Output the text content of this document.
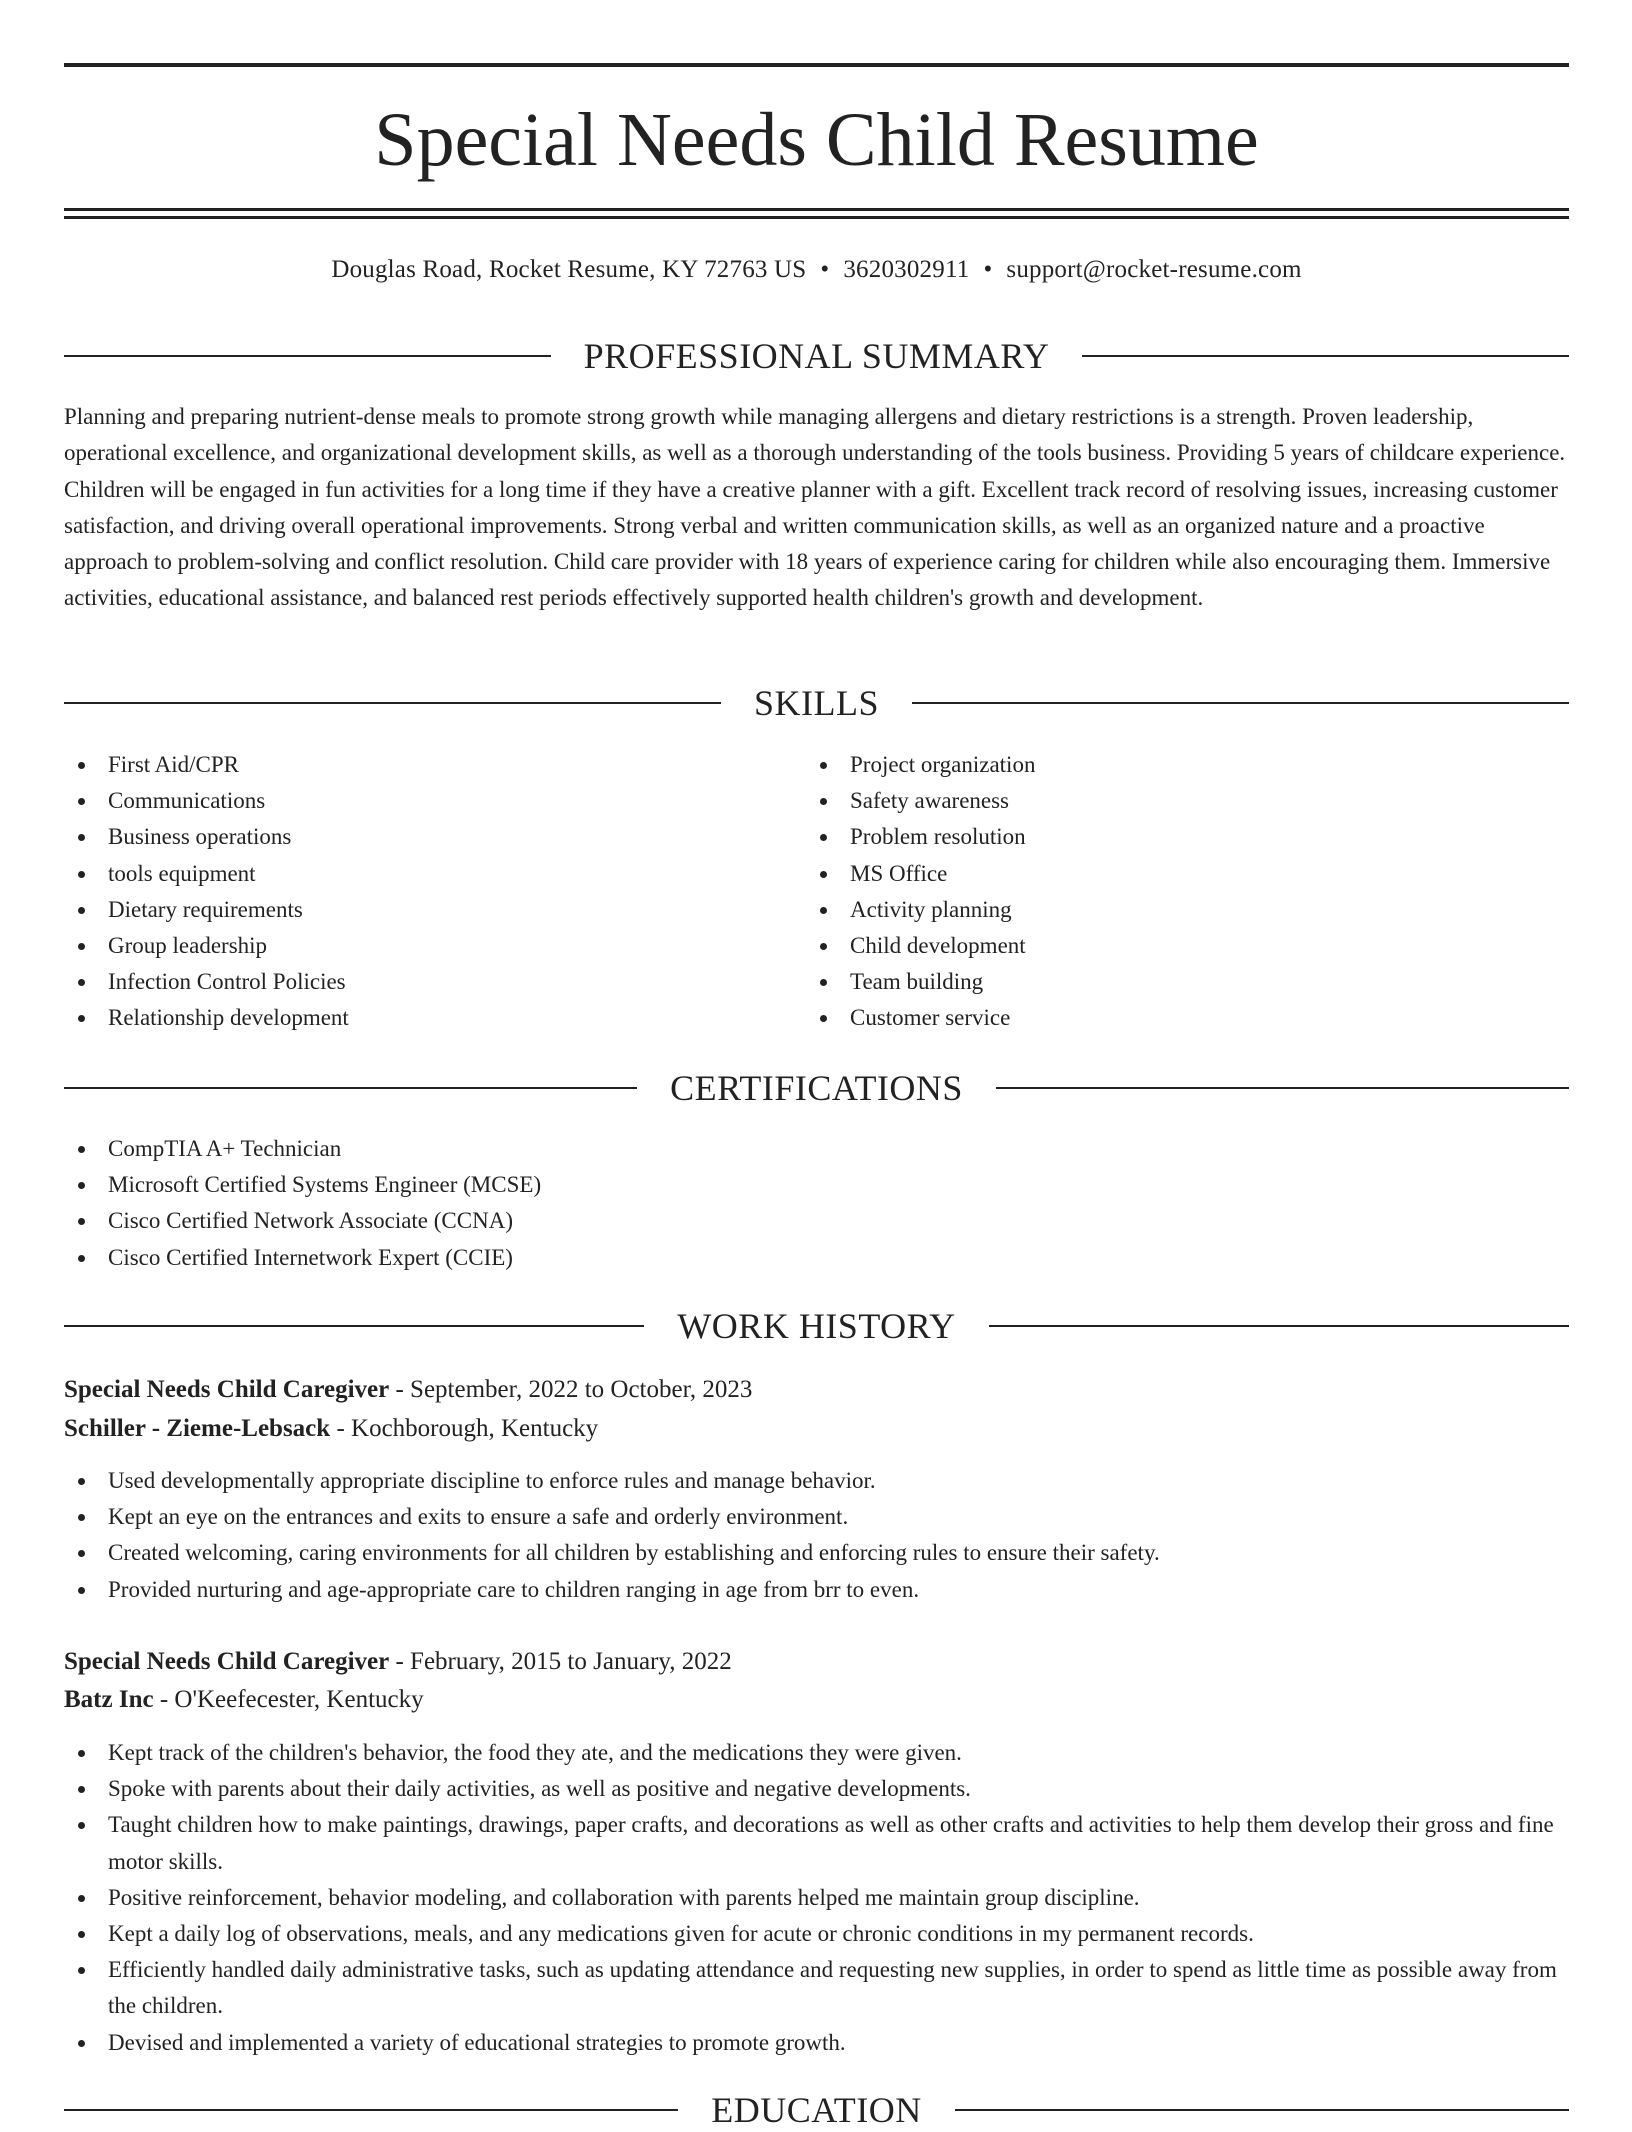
Special Needs Child Resume
Douglas Road, Rocket Resume, KY 72763 US • 3620302911 • support@rocket-resume.com
PROFESSIONAL SUMMARY

Planning and preparing nutrient-dense meals to promote strong growth while managing allergens and dietary restrictions is a strength. Proven leadership, operational excellence, and organizational development skills, as well as a thorough understanding of the tools business. Providing 5 years of childcare experience. Children will be engaged in fun activities for a long time if they have a creative planner with a gift. Excellent track record of resolving issues, increasing customer satisfaction, and driving overall operational improvements. Strong verbal and written communication skills, as well as an organized nature and a proactive approach to problem-solving and conflict resolution. Child care provider with 18 years of experience caring for children while also encouraging them. Immersive activities, educational assistance, and balanced rest periods effectively supported health children's growth and development.

SKILLS
First Aid/CPR
Communications
Business operations
tools equipment
Dietary requirements
Group leadership
Infection Control Policies
Relationship development
Project organization
Safety awareness
Problem resolution
MS Office
Activity planning
Child development
Team building
Customer service
CERTIFICATIONS
CompTIA A+ Technician
Microsoft Certified Systems Engineer (MCSE)
Cisco Certified Network Associate (CCNA)
Cisco Certified Internetwork Expert (CCIE)
WORK HISTORY
Special Needs Child Caregiver - September, 2022 to October, 2023
Schiller - Zieme-Lebsack - Kochborough, Kentucky
Used developmentally appropriate discipline to enforce rules and manage behavior.
Kept an eye on the entrances and exits to ensure a safe and orderly environment.
Created welcoming, caring environments for all children by establishing and enforcing rules to ensure their safety.
Provided nurturing and age-appropriate care to children ranging in age from brr to even.
Special Needs Child Caregiver - February, 2015 to January, 2022
Batz Inc - O'Keefecester, Kentucky
Kept track of the children's behavior, the food they ate, and the medications they were given.
Spoke with parents about their daily activities, as well as positive and negative developments.
Taught children how to make paintings, drawings, paper crafts, and decorations as well as other crafts and activities to help them develop their gross and fine motor skills.
Positive reinforcement, behavior modeling, and collaboration with parents helped me maintain group discipline.
Kept a daily log of observations, meals, and any medications given for acute or chronic conditions in my permanent records.
Efficiently handled daily administrative tasks, such as updating attendance and requesting new supplies, in order to spend as little time as possible away from the children.
Devised and implemented a variety of educational strategies to promote growth.
EDUCATION
